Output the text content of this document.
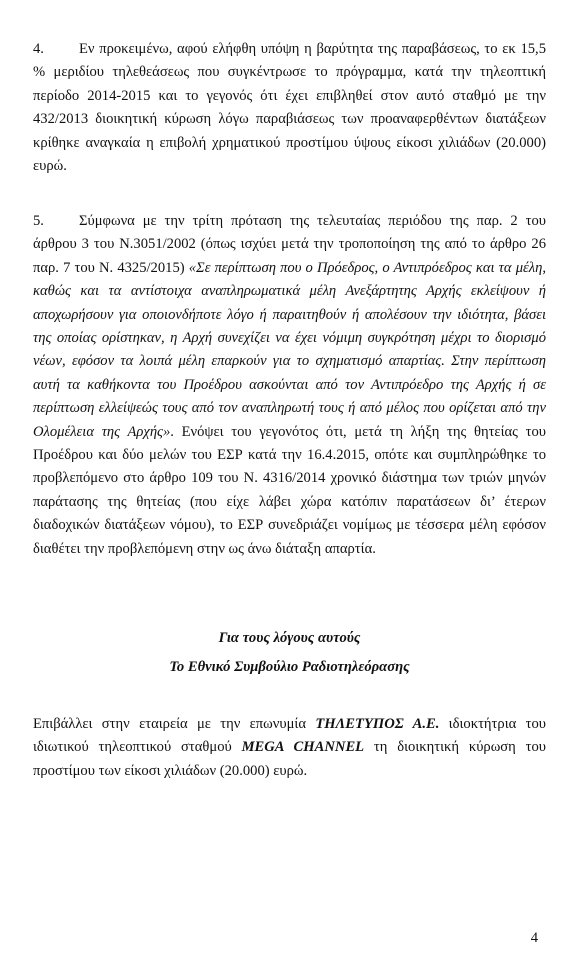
4. Εν προκειμένω, αφού ελήφθη υπόψη η βαρύτητα της παραβάσεως, το εκ 15,5 % μεριδίου τηλεθεάσεως που συγκέντρωσε το πρόγραμμα, κατά την τηλεοπτική περίοδο 2014-2015 και το γεγονός ότι έχει επιβληθεί στον αυτό σταθμό με την 432/2013 διοικητική κύρωση λόγω παραβιάσεως των προαναφερθέντων διατάξεων κρίθηκε αναγκαία η επιβολή χρηματικού προστίμου ύψους είκοσι χιλιάδων (20.000) ευρώ.

5. Σύμφωνα με την τρίτη πρόταση της τελευταίας περιόδου της παρ. 2 του άρθρου 3 του Ν.3051/2002 (όπως ισχύει μετά την τροποποίηση της από το άρθρο 26 παρ. 7 του Ν. 4325/2015) «Σε περίπτωση που ο Πρόεδρος, ο Αντιπρόεδρος και τα μέλη, καθώς και τα αντίστοιχα αναπληρωματικά μέλη Ανεξάρτητης Αρχής εκλείψουν ή αποχωρήσουν για οποιονδήποτε λόγο ή παραιτηθούν ή απολέσουν την ιδιότητα, βάσει της οποίας ορίστηκαν, η Αρχή συνεχίζει να έχει νόμιμη συγκρότηση μέχρι το διορισμό νέων, εφόσον τα λοιπά μέλη επαρκούν για το σχηματισμό απαρτίας. Στην περίπτωση αυτή τα καθήκοντα του Προέδρου ασκούνται από τον Αντιπρόεδρο της Αρχής ή σε περίπτωση ελλείψεώς τους από τον αναπληρωτή τους ή από μέλος που ορίζεται από την Ολομέλεια της Αρχής». Ενόψει του γεγονότος ότι, μετά τη λήξη της θητείας του Προέδρου και δύο μελών του ΕΣΡ κατά την 16.4.2015, οπότε και συμπληρώθηκε το προβλεπόμενο στο άρθρο 109 του Ν. 4316/2014 χρονικό διάστημα των τριών μηνών παράτασης της θητείας (που είχε λάβει χώρα κατόπιν παρατάσεων δι’ έτερων διαδοχικών διατάξεων νόμου), το ΕΣΡ συνεδριάζει νομίμως με τέσσερα μέλη εφόσον διαθέτει την προβλεπόμενη στην ως άνω διάταξη απαρτία.

Για τους λόγους αυτούς

Το Εθνικό Συμβούλιο Ραδιοτηλεόρασης

Επιβάλλει στην εταιρεία με την επωνυμία ΤΗΛΕΤΥΠΟΣ Α.Ε. ιδιοκτήτρια του ιδιωτικού τηλεοπτικού σταθμού MEGA CHANNEL τη διοικητική κύρωση του προστίμου των είκοσι χιλιάδων (20.000) ευρώ.

4
